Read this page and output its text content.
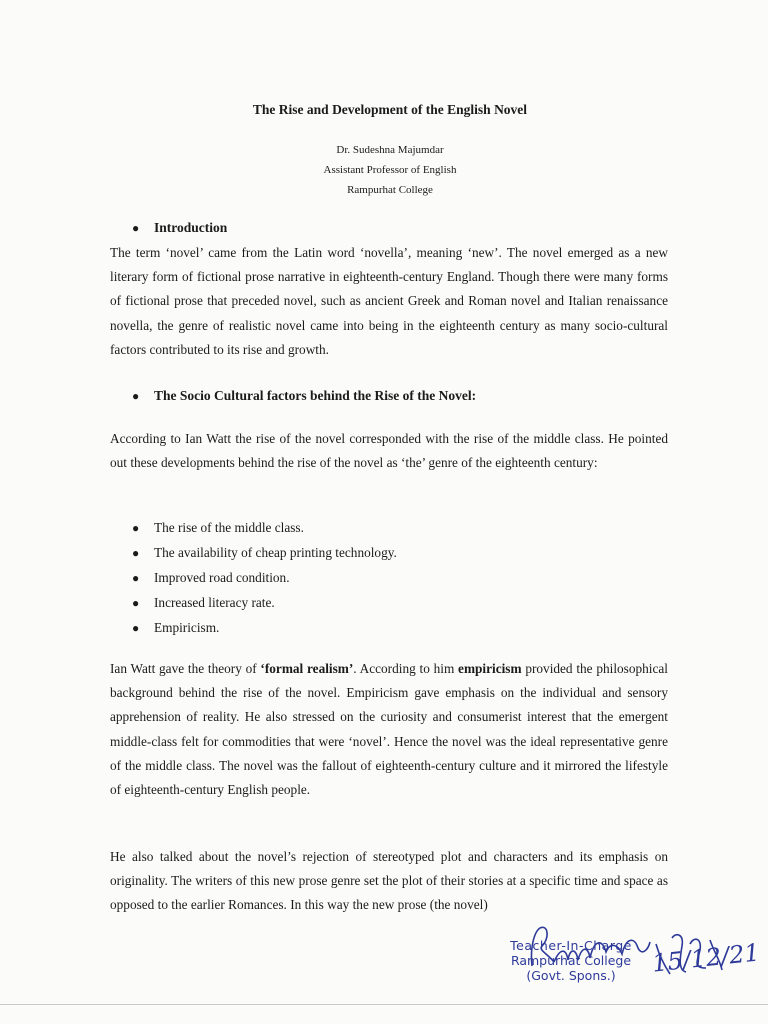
The Rise and Development of the English Novel
Dr. Sudeshna Majumdar
Assistant Professor of English
Rampurhat College
● Introduction
The term ‘novel’ came from the Latin word ‘novella’, meaning ‘new’. The novel emerged as a new literary form of fictional prose narrative in eighteenth-century England. Though there were many forms of fictional prose that preceded novel, such as ancient Greek and Roman novel and Italian renaissance novella, the genre of realistic novel came into being in the eighteenth century as many socio-cultural factors contributed to its rise and growth.
● The Socio Cultural factors behind the Rise of the Novel:
According to Ian Watt the rise of the novel corresponded with the rise of the middle class. He pointed out these developments behind the rise of the novel as ‘the’ genre of the eighteenth century:
● The rise of the middle class.
● The availability of cheap printing technology.
● Improved road condition.
● Increased literacy rate.
● Empiricism.
Ian Watt gave the theory of ‘formal realism’. According to him empiricism provided the philosophical background behind the rise of the novel. Empiricism gave emphasis on the individual and sensory apprehension of reality. He also stressed on the curiosity and consumerist interest that the emergent middle-class felt for commodities that were ‘novel’. Hence the novel was the ideal representative genre of the middle class. The novel was the fallout of eighteenth-century culture and it mirrored the lifestyle of eighteenth-century English people.
He also talked about the novel’s rejection of stereotyped plot and characters and its emphasis on originality. The writers of this new prose genre set the plot of their stories at a specific time and space as opposed to the earlier Romances. In this way the new prose (the novel)
Teacher-In-Charge
Rampurhat College
(Govt. Spons.)	15/12/21
